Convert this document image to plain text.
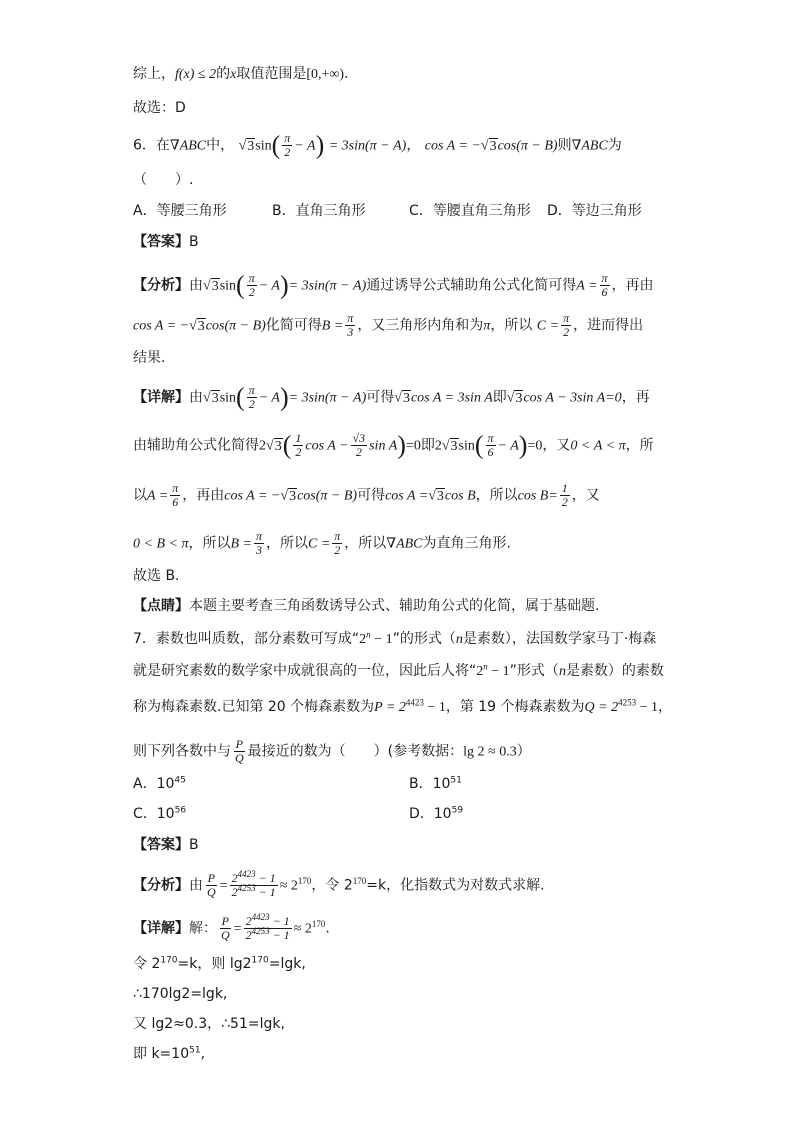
综上，f(x) ≤ 2的x取值范围是[0,+∞).
故选：D
6．在∇ABC中， $√3\sin( \frac{\pi}{2} - A) = 3\sin(\pi - A)$， cos A = −√3cos(π − B)则∇ABC为
（　　）.
A．等腰三角形	B．直角三角形	C．等腰直角三角形 D．等边三角形
【答案】B
【分析】由$√3\sin( \frac{\pi}{2} - A)= 3\sin(\pi - A)$通过诱导公式辅助角公式化简可得$A = \frac{\pi}{6}$ ，再由
cos A = −√3cos(π − B)化简可得$B = \frac{\pi}{3}$ ，又三角形内角和为π，所以 $C = \frac{\pi}{2}$ ，进而得出
结果.
【详解】由$√3\sin( \frac{\pi}{2} - A)= 3\sin(\pi - A)$可得√3cos A = 3sin A即√3cos A − 3sin A=0，再
由辅助角公式化简得$2√3( \frac{1}{2}$ $\cos A - \frac{√3}{2}$ sin A)=0即$2√3\sin( \frac{\pi}{6} - A)=0$，又0 < A < π，所
以$A = \frac{\pi}{6}$ ，再由cos A = −√3cos(π − B)可得cos A =√3cos B，所以$\cos B= \frac{1}{2}$ ，又
0 < B < π，所以$B = \frac{\pi}{3}$ ，所以$C = \frac{\pi}{2}$ ，所以∇ABC为直角三角形.
故选 B.
【点睛】本题主要考查三角函数诱导公式、辅助角公式的化简，属于基础题.
7．素数也叫质数，部分素数可写成“$2^n - 1$”的形式（n是素数），法国数学家马丁·梅森
就是研究素数的数学家中成就很高的一位，因此后人将“$2^n - 1$”形式（n是素数）的素数
称为梅森素数.已知第 20 个梅森素数为$P = 2^{4423} - 1$，第 19 个梅森素数为$Q = 2^{4253} - 1$，
则下列各数中与 $\frac{P}{Q}$ 最接近的数为（　　）(参考数据：lg 2 ≈ 0.3）
A．$10^{45}$	B．$10^{51}$
C．$10^{56}$	D．$10^{59}$
【答案】B
【分析】由 $\frac{P}{Q} = \frac{2^{4423} - 1}{2^{4253} - 1} \approx 2^{170}$，令 $2^{170}=k$，化指数式为对数式求解.
【详解】解： $\frac{P}{Q} = \frac{2^{4423} - 1}{2^{4253} - 1} \approx 2^{170}$.
令 $2^{170}=k$，则 $\lg 2^{170}=\lg k$,
∴170lg2=lgk,
又 lg2≈0.3，∴51=lgk,
即 $k=10^{51}$,
